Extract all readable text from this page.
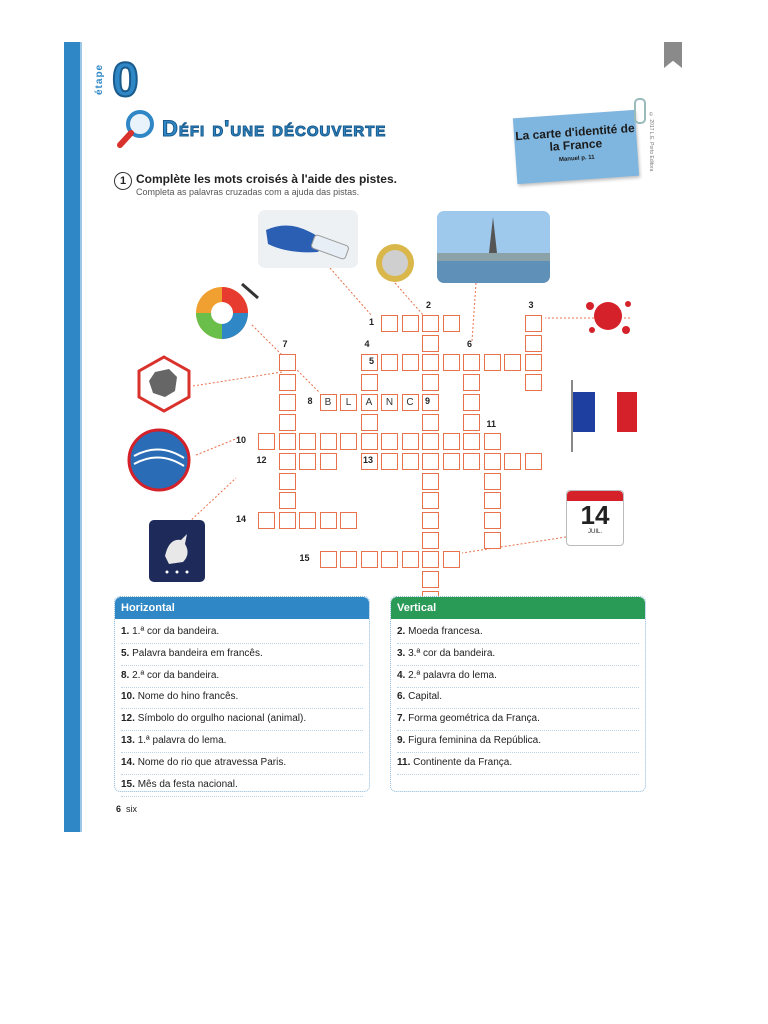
étape 0
Défi d'une découverte	La carte d'identité de la France
Manuel p. 11	© 2017 L.E. Porto Editora
1 Complète les mots croisés à l'aide des pistes.
Completa as palavras cruzadas com a ajuda das pistas.
14
JUIL.
A
B	L	N	C
1
2	3
4
5
6
7
8	9
10
11
12	13
14
15
Horizontal
1. 1.ª cor da bandeira.
5. Palavra bandeira em francês.
8. 2.ª cor da bandeira.
10. Nome do hino francês.
12. Símbolo do orgulho nacional (animal).
13. 1.ª palavra do lema.
14. Nome do rio que atravessa Paris.
15. Mês da festa nacional.
Vertical
2. Moeda francesa.
3. 3.ª cor da bandeira.
4. 2.ª palavra do lema.
6. Capital.
7. Forma geométrica da França.
9. Figura feminina da República.
11. Continente da França.
6 six
